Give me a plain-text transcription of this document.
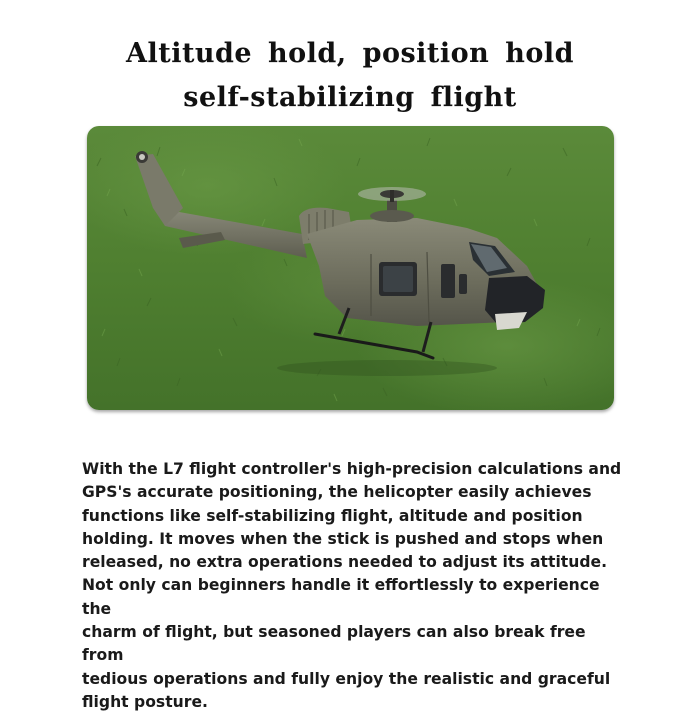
Altitude hold, position hold
self-stabilizing flight

With the L7 flight controller's high-precision calculations and
GPS's accurate positioning, the helicopter easily achieves
functions like self-stabilizing flight, altitude and position
holding. It moves when the stick is pushed and stops when
released, no extra operations needed to adjust its attitude.
Not only can beginners handle it effortlessly to experience the
charm of flight, but seasoned players can also break free from
tedious operations and fully enjoy the realistic and graceful
flight posture.
